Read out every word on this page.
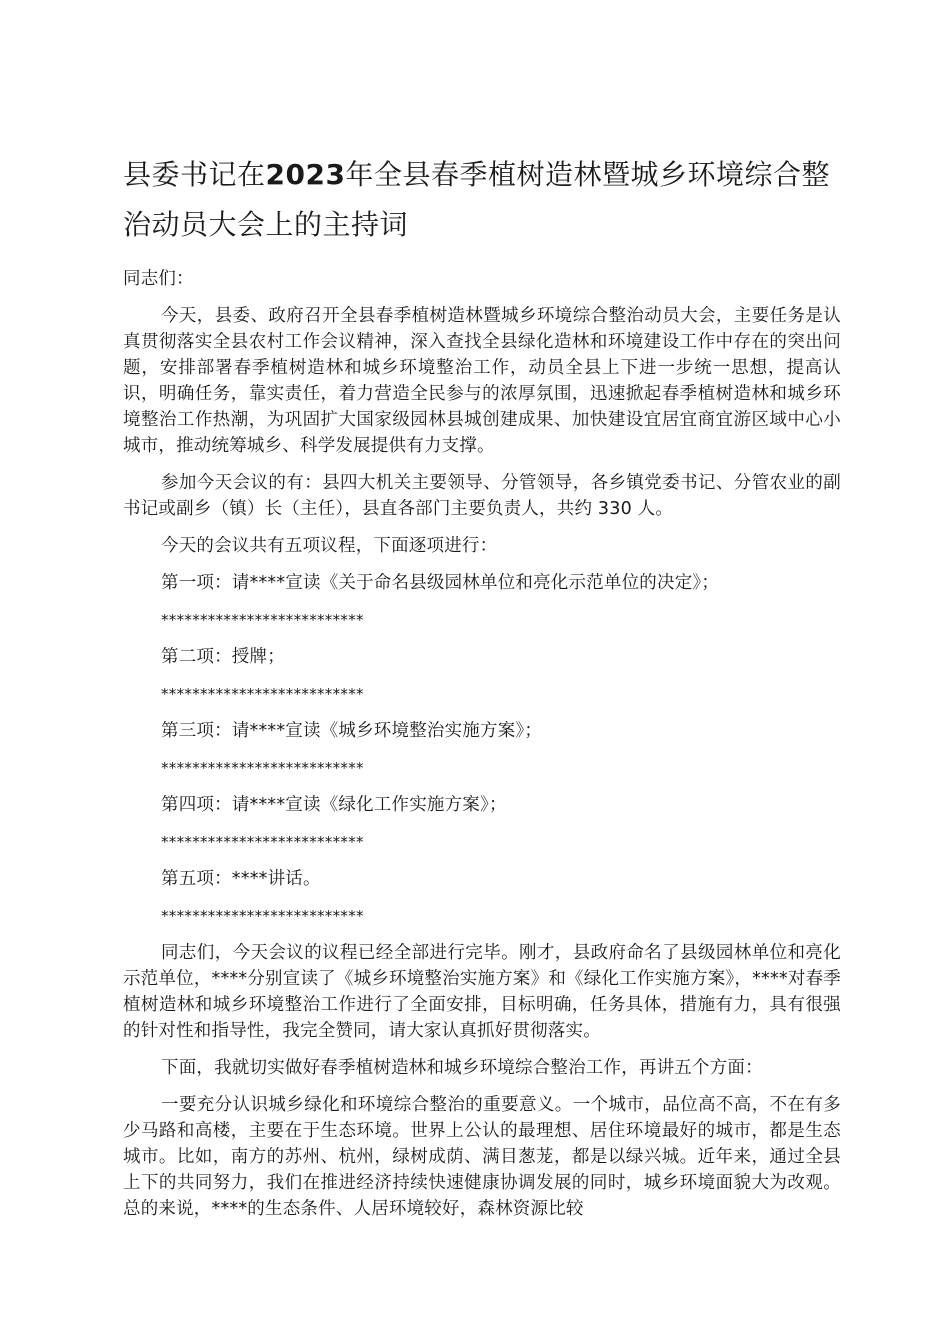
县委书记在2023年全县春季植树造林暨城乡环境综合整治动员大会上的主持词

同志们：

今天，县委、政府召开全县春季植树造林暨城乡环境综合整治动员大会，主要任务是认真贯彻落实全县农村工作会议精神，深入查找全县绿化造林和环境建设工作中存在的突出问题，安排部署春季植树造林和城乡环境整治工作，动员全县上下进一步统一思想，提高认识，明确任务，靠实责任，着力营造全民参与的浓厚氛围，迅速掀起春季植树造林和城乡环境整治工作热潮，为巩固扩大国家级园林县城创建成果、加快建设宜居宜商宜游区域中心小城市，推动统筹城乡、科学发展提供有力支撑。

参加今天会议的有：县四大机关主要领导、分管领导，各乡镇党委书记、分管农业的副书记或副乡（镇）长（主任），县直各部门主要负责人，共约 330 人。

今天的会议共有五项议程，下面逐项进行：

第一项：请****宣读《关于命名县级园林单位和亮化示范单位的决定》；

**************************

第二项：授牌；

**************************

第三项：请****宣读《城乡环境整治实施方案》；

**************************

第四项：请****宣读《绿化工作实施方案》；

**************************

第五项：****讲话。

**************************

同志们，今天会议的议程已经全部进行完毕。刚才，县政府命名了县级园林单位和亮化示范单位，****分别宣读了《城乡环境整治实施方案》和《绿化工作实施方案》，****对春季植树造林和城乡环境整治工作进行了全面安排，目标明确，任务具体，措施有力，具有很强的针对性和指导性，我完全赞同，请大家认真抓好贯彻落实。

下面，我就切实做好春季植树造林和城乡环境综合整治工作，再讲五个方面：

一要充分认识城乡绿化和环境综合整治的重要意义。一个城市，品位高不高，不在有多少马路和高楼，主要在于生态环境。世界上公认的最理想、居住环境最好的城市，都是生态城市。比如，南方的苏州、杭州，绿树成荫、满目葱茏，都是以绿兴城。近年来，通过全县上下的共同努力，我们在推进经济持续快速健康协调发展的同时，城乡环境面貌大为改观。总的来说，****的生态条件、人居环境较好，森林资源比较
